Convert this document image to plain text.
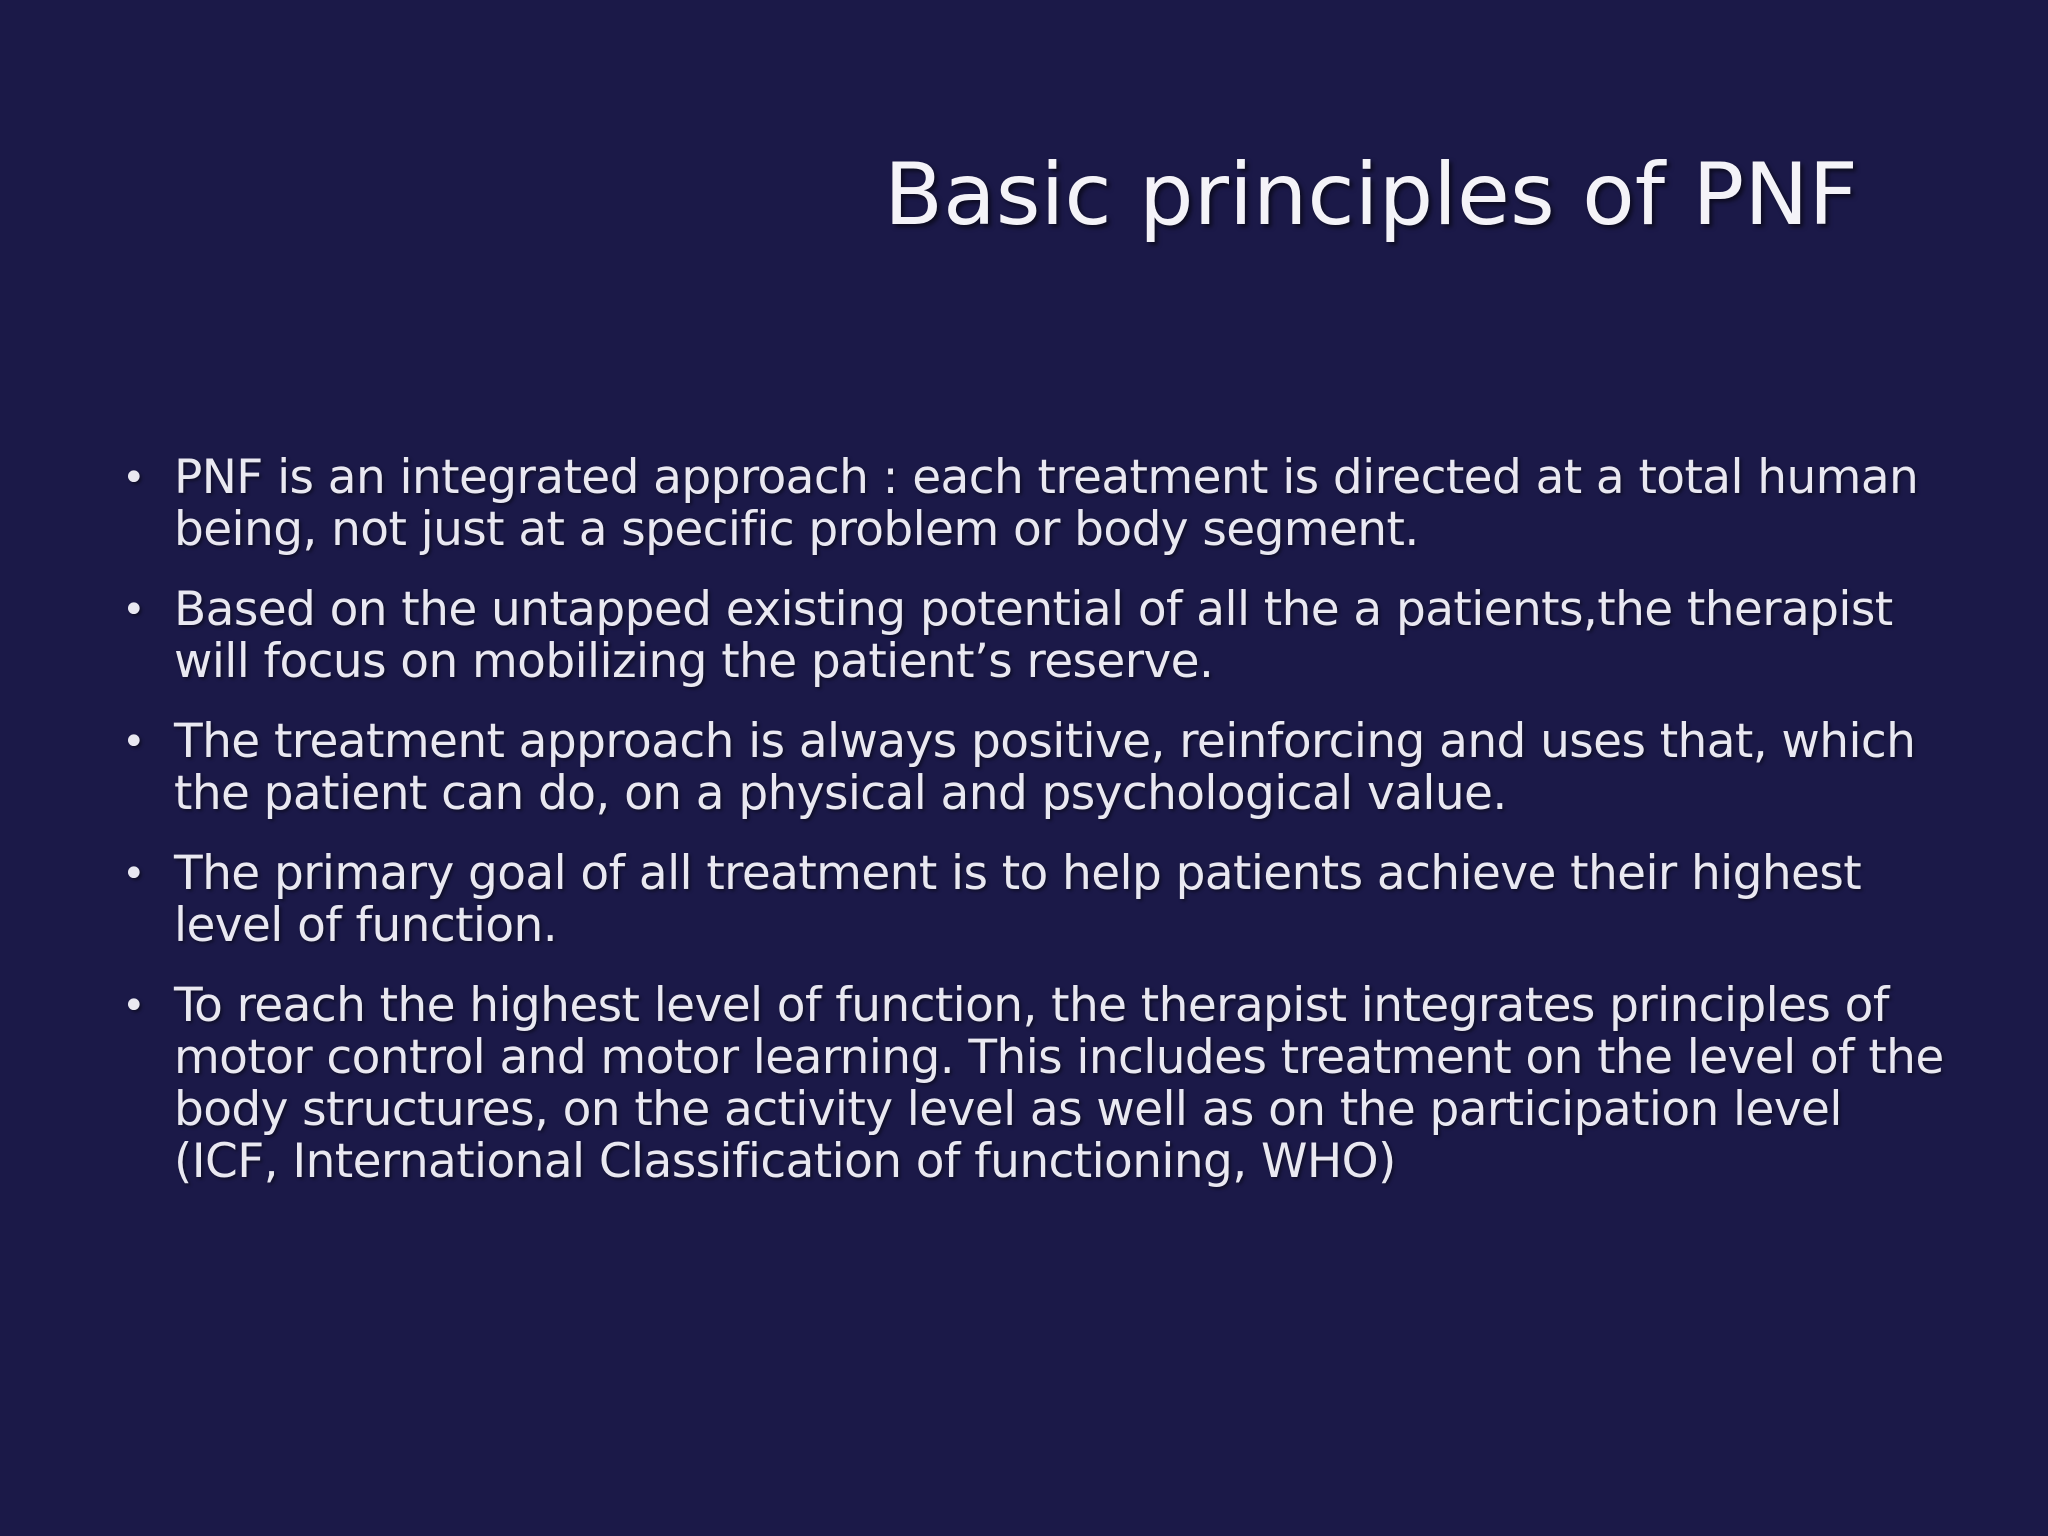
Basic principles of PNF
• PNF is an integrated approach : each treatment is directed at a total human being, not just at a specific problem or body segment.
• Based on the untapped existing potential of all the a patients,the therapist will focus on mobilizing the patient’s reserve.
• The treatment approach is always positive, reinforcing and uses that, which the patient can do, on a physical and psychological value.
• The primary goal of all treatment is to help patients achieve their highest level of function.
• To reach the highest level of function, the therapist integrates principles of motor control and motor learning. This includes treatment on the level of the body structures, on the activity level as well as on the participation level (ICF, International Classification of functioning, WHO)
